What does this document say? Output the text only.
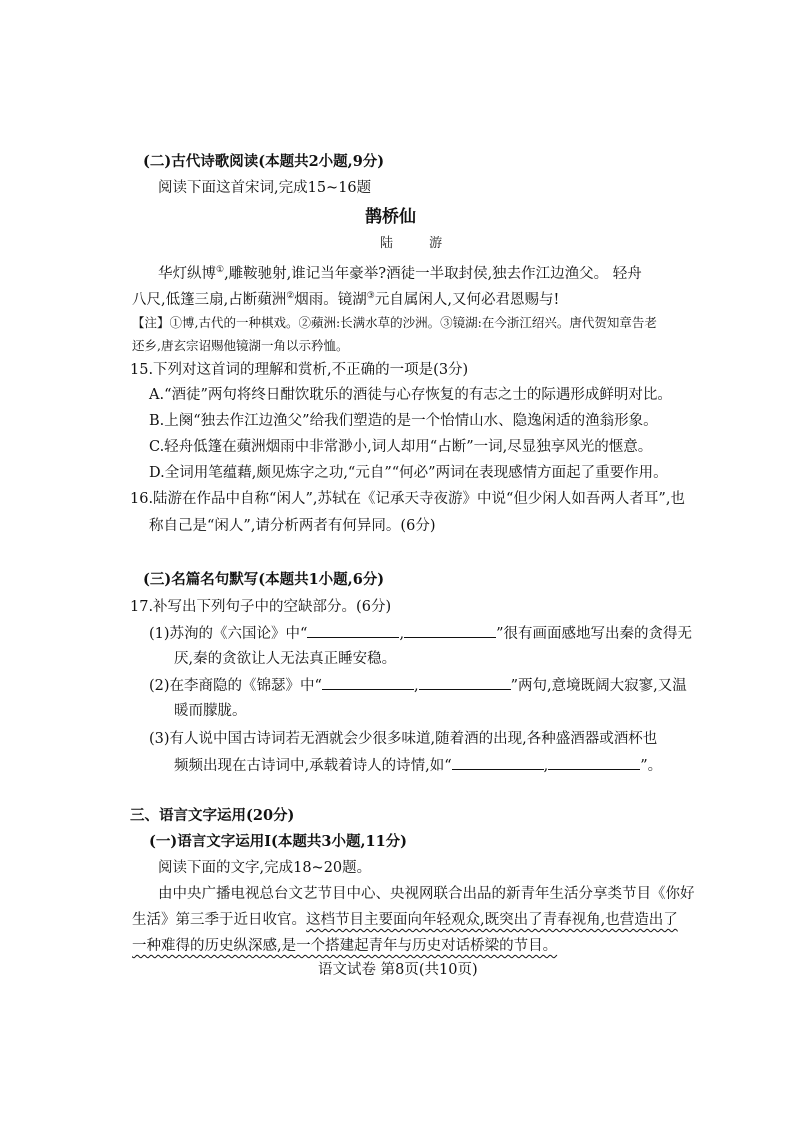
(二)古代诗歌阅读(本题共2小题,9分)
阅读下面这首宋词,完成15~16题
鹊桥仙
陆 游
华灯纵博①,雕鞍驰射,谁记当年豪举?酒徒一半取封侯,独去作江边渔父。 轻舟
八尺,低篷三扇,占断蘋洲②烟雨。镜湖③元自属闲人,又何必君恩赐与!
【注】①博,古代的一种棋戏。②蘋洲:长满水草的沙洲。③镜湖:在今浙江绍兴。唐代贺知章告老
还乡,唐玄宗诏赐他镜湖一角以示矜恤。
15.下列对这首词的理解和赏析,不正确的一项是(3分)
A.“酒徒”两句将终日酣饮耽乐的酒徒与心存恢复的有志之士的际遇形成鲜明对比。
B.上阕“独去作江边渔父”给我们塑造的是一个怡情山水、隐逸闲适的渔翁形象。
C.轻舟低篷在蘋洲烟雨中非常渺小,词人却用“占断”一词,尽显独享风光的惬意。
D.全词用笔蕴藉,颇见炼字之功,“元自”“何必”两词在表现感情方面起了重要作用。
16.陆游在作品中自称“闲人”,苏轼在《记承天寺夜游》中说“但少闲人如吾两人者耳”,也
称自己是“闲人”,请分析两者有何异同。(6分)
(三)名篇名句默写(本题共1小题,6分)
17.补写出下列句子中的空缺部分。(6分)
(1)苏洵的《六国论》中“	,	”很有画面感地写出秦的贪得无
厌,秦的贪欲让人无法真正睡安稳。
(2)在李商隐的《锦瑟》中“	,	”两句,意境既阔大寂寥,又温
暖而朦胧。
(3)有人说中国古诗词若无酒就会少很多味道,随着酒的出现,各种盛酒器或酒杯也
频频出现在古诗词中,承载着诗人的诗情,如“	,	”。
三、语言文字运用(20分)
(一)语言文字运用Ⅰ(本题共3小题,11分)
阅读下面的文字,完成18~20题。
由中央广播电视总台文艺节目中心、央视网联合出品的新青年生活分享类节目《你好
生活》第三季于近日收官。这档节目主要面向年轻观众,既突出了青春视角,也营造出了
一种难得的历史纵深感,是一个搭建起青年与历史对话桥梁的节目。
语文试卷 第8页(共10页)
